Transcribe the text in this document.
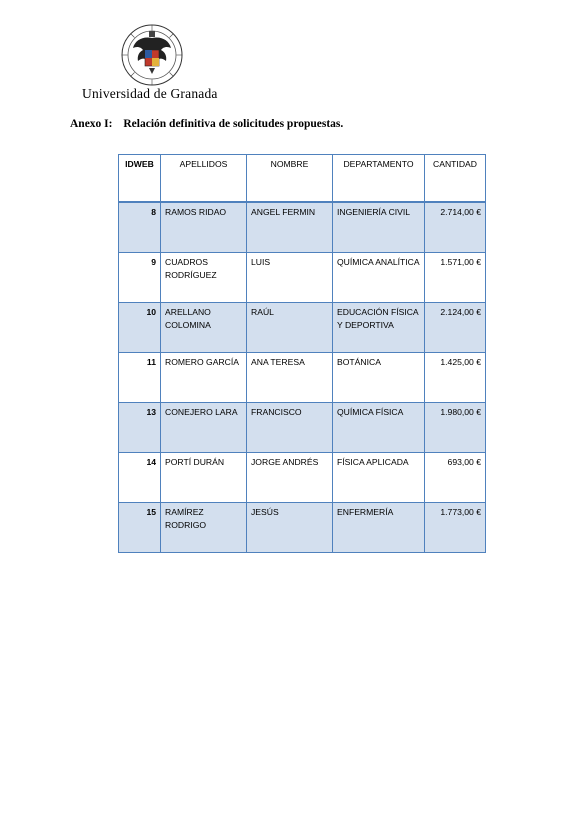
Universidad de Granada
Anexo I: Relación definitiva de solicitudes propuestas.
IDWEB	APELLIDOS	NOMBRE	DEPARTAMENTO	CANTIDAD
8	RAMOS RIDAO	ANGEL FERMIN	INGENIERÍA CIVIL	2.714,00 €
9	CUADROS RODRÍGUEZ	LUIS	QUÍMICA ANALÍTICA	1.571,00 €
10	ARELLANO COLOMINA	RAÚL	EDUCACIÓN FÍSICA Y DEPORTIVA	2.124,00 €
11	ROMERO GARCÍA	ANA TERESA	BOTÁNICA	1.425,00 €
13	CONEJERO LARA	FRANCISCO	QUÍMICA FÍSICA	1.980,00 €
14	PORTÍ DURÁN	JORGE ANDRÉS	FÍSICA APLICADA	693,00 €
15	RAMÍREZ RODRIGO	JESÚS	ENFERMERÍA	1.773,00 €
